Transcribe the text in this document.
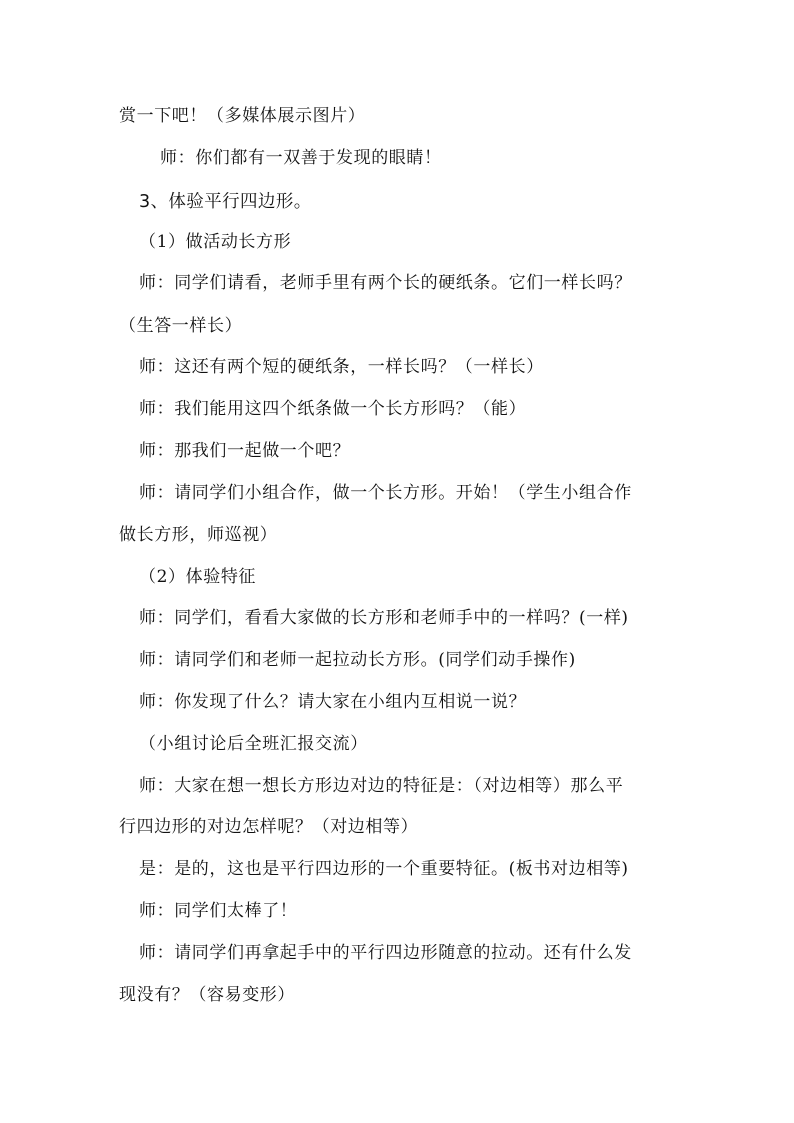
赏一下吧！（多媒体展示图片）
师：你们都有一双善于发现的眼睛！
3、体验平行四边形。
（1）做活动长方形
师：同学们请看，老师手里有两个长的硬纸条。它们一样长吗？
（生答一样长）
师：这还有两个短的硬纸条，一样长吗？（一样长）
师：我们能用这四个纸条做一个长方形吗？（能）
师：那我们一起做一个吧？
师：请同学们小组合作，做一个长方形。开始！（学生小组合作
做长方形，师巡视）
（2）体验特征
师：同学们，看看大家做的长方形和老师手中的一样吗？(一样)
师：请同学们和老师一起拉动长方形。(同学们动手操作)
师：你发现了什么？请大家在小组内互相说一说？
（小组讨论后全班汇报交流）
师：大家在想一想长方形边对边的特征是：（对边相等）那么平
行四边形的对边怎样呢？（对边相等）
是：是的，这也是平行四边形的一个重要特征。(板书对边相等)
师：同学们太棒了！
师：请同学们再拿起手中的平行四边形随意的拉动。还有什么发
现没有？（容易变形）
